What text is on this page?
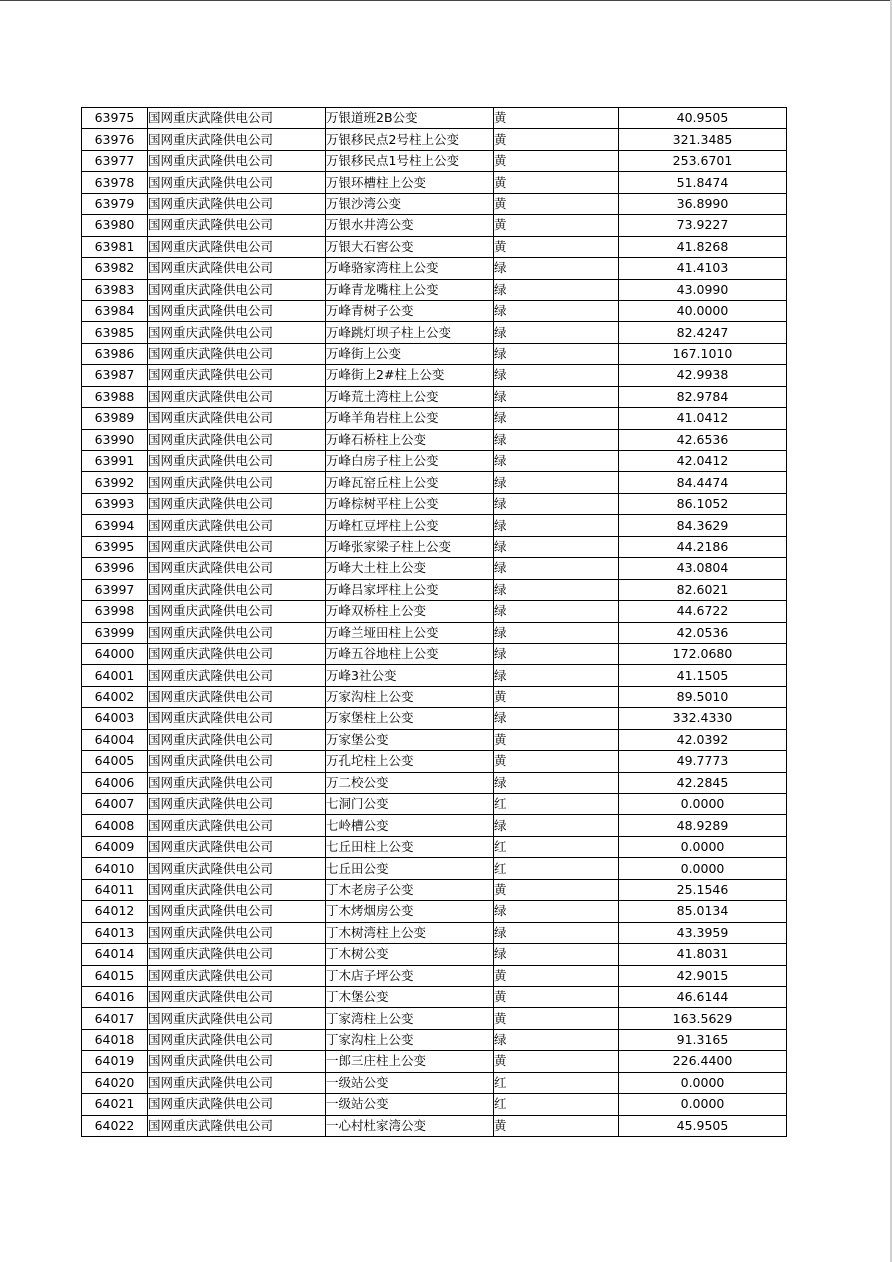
63975	国网重庆武隆供电公司	万银道班2B公变	黄	40.9505
63976	国网重庆武隆供电公司	万银移民点2号柱上公变	黄	321.3485
63977	国网重庆武隆供电公司	万银移民点1号柱上公变	黄	253.6701
63978	国网重庆武隆供电公司	万银环槽柱上公变	黄	51.8474
63979	国网重庆武隆供电公司	万银沙湾公变	黄	36.8990
63980	国网重庆武隆供电公司	万银水井湾公变	黄	73.9227
63981	国网重庆武隆供电公司	万银大石窖公变	黄	41.8268
63982	国网重庆武隆供电公司	万峰骆家湾柱上公变	绿	41.4103
63983	国网重庆武隆供电公司	万峰青龙嘴柱上公变	绿	43.0990
63984	国网重庆武隆供电公司	万峰青树子公变	绿	40.0000
63985	国网重庆武隆供电公司	万峰跳灯坝子柱上公变	绿	82.4247
63986	国网重庆武隆供电公司	万峰街上公变	绿	167.1010
63987	国网重庆武隆供电公司	万峰街上2#柱上公变	绿	42.9938
63988	国网重庆武隆供电公司	万峰荒土湾柱上公变	绿	82.9784
63989	国网重庆武隆供电公司	万峰羊角岩柱上公变	绿	41.0412
63990	国网重庆武隆供电公司	万峰石桥柱上公变	绿	42.6536
63991	国网重庆武隆供电公司	万峰白房子柱上公变	绿	42.0412
63992	国网重庆武隆供电公司	万峰瓦窑丘柱上公变	绿	84.4474
63993	国网重庆武隆供电公司	万峰棕树平柱上公变	绿	86.1052
63994	国网重庆武隆供电公司	万峰杠豆坪柱上公变	绿	84.3629
63995	国网重庆武隆供电公司	万峰张家梁子柱上公变	绿	44.2186
63996	国网重庆武隆供电公司	万峰大土柱上公变	绿	43.0804
63997	国网重庆武隆供电公司	万峰吕家坪柱上公变	绿	82.6021
63998	国网重庆武隆供电公司	万峰双桥柱上公变	绿	44.6722
63999	国网重庆武隆供电公司	万峰兰垭田柱上公变	绿	42.0536
64000	国网重庆武隆供电公司	万峰五谷地柱上公变	绿	172.0680
64001	国网重庆武隆供电公司	万峰3社公变	绿	41.1505
64002	国网重庆武隆供电公司	万家沟柱上公变	黄	89.5010
64003	国网重庆武隆供电公司	万家堡柱上公变	绿	332.4330
64004	国网重庆武隆供电公司	万家堡公变	黄	42.0392
64005	国网重庆武隆供电公司	万孔坨柱上公变	黄	49.7773
64006	国网重庆武隆供电公司	万二校公变	绿	42.2845
64007	国网重庆武隆供电公司	七洞门公变	红	0.0000
64008	国网重庆武隆供电公司	七岭槽公变	绿	48.9289
64009	国网重庆武隆供电公司	七丘田柱上公变	红	0.0000
64010	国网重庆武隆供电公司	七丘田公变	红	0.0000
64011	国网重庆武隆供电公司	丁木老房子公变	黄	25.1546
64012	国网重庆武隆供电公司	丁木烤烟房公变	绿	85.0134
64013	国网重庆武隆供电公司	丁木树湾柱上公变	绿	43.3959
64014	国网重庆武隆供电公司	丁木树公变	绿	41.8031
64015	国网重庆武隆供电公司	丁木店子坪公变	黄	42.9015
64016	国网重庆武隆供电公司	丁木堡公变	黄	46.6144
64017	国网重庆武隆供电公司	丁家湾柱上公变	黄	163.5629
64018	国网重庆武隆供电公司	丁家沟柱上公变	绿	91.3165
64019	国网重庆武隆供电公司	一郎三庄柱上公变	黄	226.4400
64020	国网重庆武隆供电公司	一级站公变	红	0.0000
64021	国网重庆武隆供电公司	一级站公变	红	0.0000
64022	国网重庆武隆供电公司	一心村杜家湾公变	黄	45.9505
